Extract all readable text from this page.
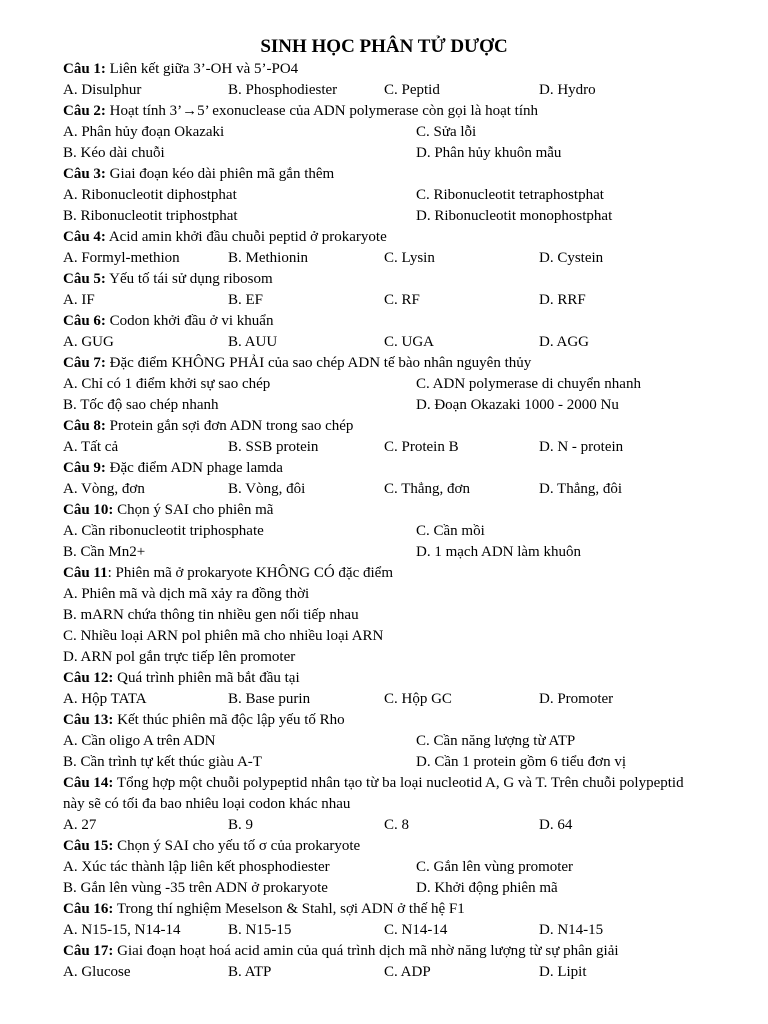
SINH HỌC PHÂN TỬ DƯỢC
Câu 1: Liên kết giữa 3’-OH và 5’-PO4
A. Disulphur	B. Phosphodiester	C. Peptid	D. Hydro
Câu 2: Hoạt tính 3’→5’ exonuclease của ADN polymerase còn gọi là hoạt tính
A. Phân hủy đoạn Okazaki	C. Sửa lỗi
B. Kéo dài chuỗi	D. Phân hủy khuôn mẫu
Câu 3: Giai đoạn kéo dài phiên mã gắn thêm
A. Ribonucleotit diphostphat	C. Ribonucleotit tetraphostphat
B. Ribonucleotit triphostphat	D. Ribonucleotit monophostphat
Câu 4: Acid amin khởi đầu chuỗi peptid ở prokaryote
A. Formyl-methion	B. Methionin	C. Lysin	D. Cystein
Câu 5: Yếu tố tái sử dụng ribosom
A. IF	B. EF	C. RF	D. RRF
Câu 6: Codon khởi đầu ở vi khuẩn
A. GUG	B. AUU	C. UGA	D. AGG
Câu 7: Đặc điểm KHÔNG PHẢI của sao chép ADN tế bào nhân nguyên thủy
A. Chỉ có 1 điểm khởi sự sao chép	C. ADN polymerase di chuyển nhanh
B. Tốc độ sao chép nhanh	D. Đoạn Okazaki 1000 - 2000 Nu
Câu 8: Protein gắn sợi đơn ADN trong sao chép
A. Tất cả	B. SSB protein	C. Protein B	D. N - protein
Câu 9: Đặc điểm ADN phage lamda
A. Vòng, đơn	B. Vòng, đôi	C. Thẳng, đơn	D. Thẳng, đôi
Câu 10: Chọn ý SAI cho phiên mã
A. Cần ribonucleotit triphosphate	C. Cần mồi
B. Cần Mn2+	D. 1 mạch ADN làm khuôn
Câu 11: Phiên mã ở prokaryote KHÔNG CÓ đặc điểm
A. Phiên mã và dịch mã xảy ra đồng thời
B. mARN chứa thông tin nhiều gen nối tiếp nhau
C. Nhiều loại ARN pol phiên mã cho nhiều loại ARN
D. ARN pol gắn trực tiếp lên promoter
Câu 12: Quá trình phiên mã bắt đầu tại
A. Hộp TATA	B. Base purin	C. Hộp GC	D. Promoter
Câu 13: Kết thúc phiên mã độc lập yếu tố Rho
A. Cần oligo A trên ADN	C. Cần năng lượng từ ATP
B. Cần trình tự kết thúc giàu A-T	D. Cần 1 protein gồm 6 tiểu đơn vị
Câu 14: Tổng hợp một chuỗi polypeptid nhân tạo từ ba loại nucleotid A, G và T. Trên chuỗi polypeptid này sẽ có tối đa bao nhiêu loại codon khác nhau
A. 27	B. 9	C. 8	D. 64
Câu 15: Chọn ý SAI cho yếu tố σ của prokaryote
A. Xúc tác thành lập liên kết phosphodiester	C. Gắn lên vùng promoter
B. Gắn lên vùng -35 trên ADN ở prokaryote	D. Khởi động phiên mã
Câu 16: Trong thí nghiệm Meselson & Stahl, sợi ADN ở thế hệ F1
A. N15-15, N14-14	B. N15-15	C. N14-14	D. N14-15
Câu 17: Giai đoạn hoạt hoá acid amin của quá trình dịch mã nhờ năng lượng từ sự phân giải
A. Glucose	B. ATP	C. ADP	D. Lipit
